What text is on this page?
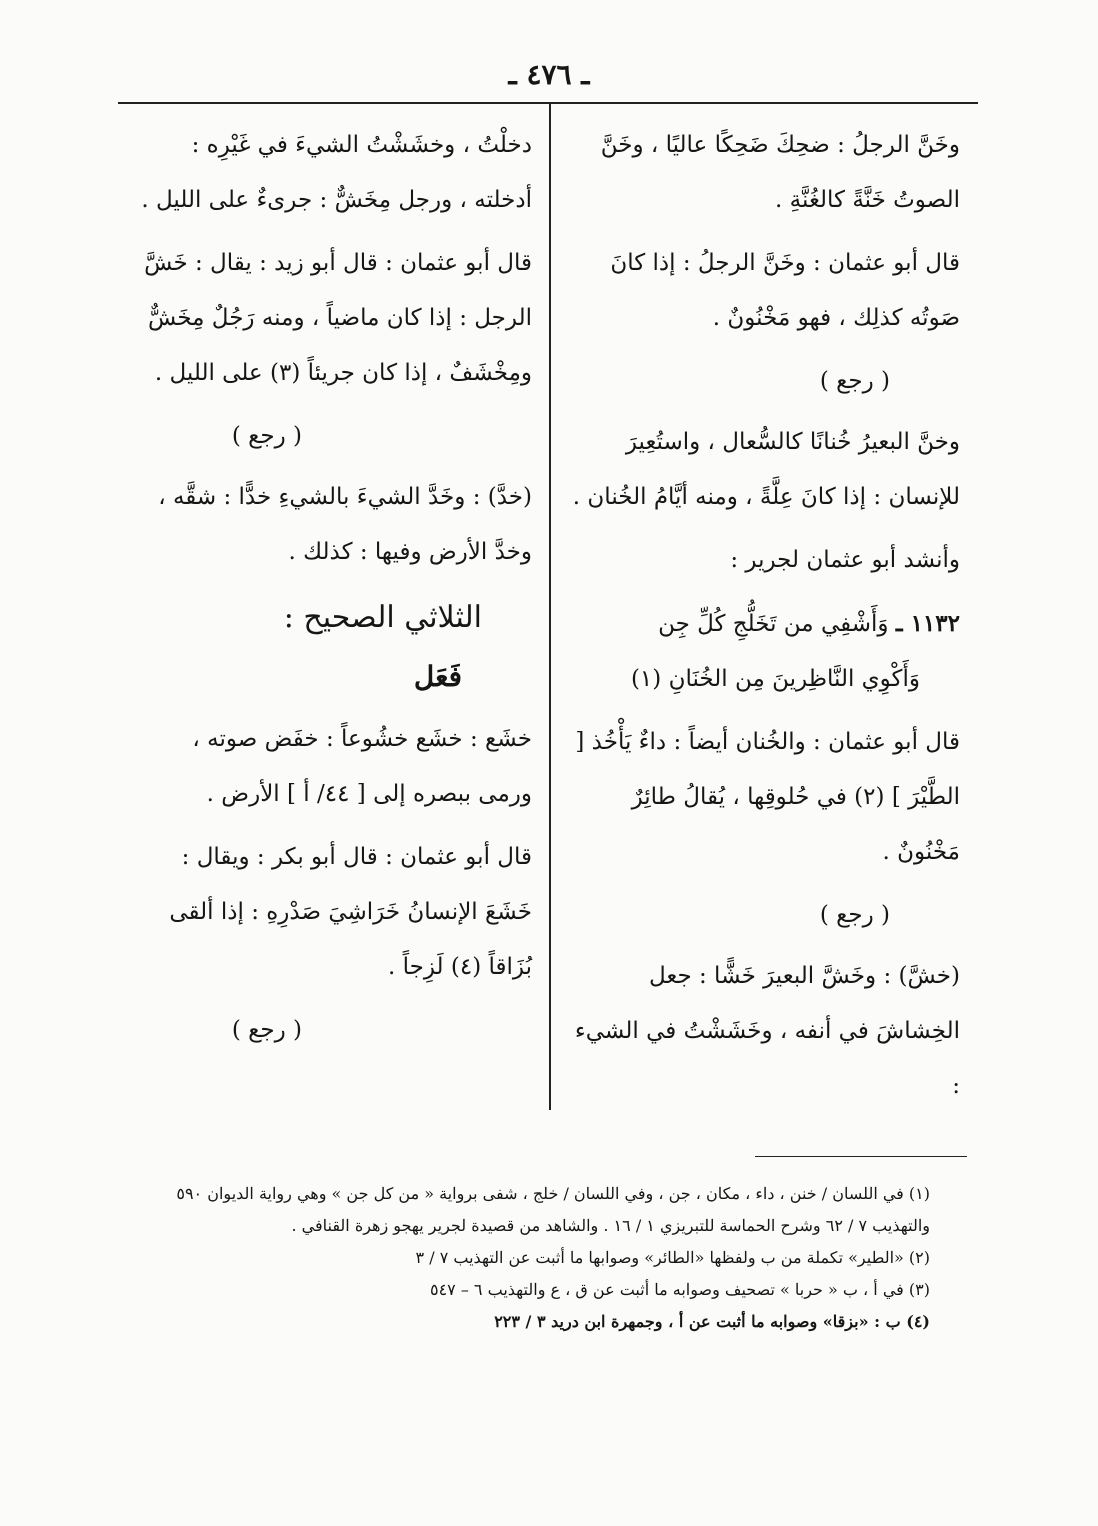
ـ ٤٧٦ ـ

وخَنَّ الرجلُ : ضحِكَ ضَحِكًا عاليًا ، وخَنَّ الصوتُ خَنَّةً كالغُنَّةِ .

قال أبو عثمان : وخَنَّ الرجلُ : إذا كانَ صَوتُه كذلِك ، فهو مَخْنُونٌ .

( رجع )

وخنَّ البعيرُ خُنانًا كالسُّعال ، واستُعِيرَ للإنسان : إذا كانَ عِلَّةً ، ومنه أيَّامُ الخُنان .

وأنشد أبو عثمان لجرير :

١١٣٢ ـ وَأَشْفِي من تَخَلُّجِ كُلِّ جِن
وَأَكْوِي النَّاظِرينَ مِن الخُنَانِ (١)

قال أبو عثمان : والخُنان أيضاً : داءٌ يَأْخُذ [ الطَّيْرَ ] (٢) في حُلوقِها ، يُقالُ طائِرٌ مَخْنُونٌ .

( رجع )

(خشَّ) : وخَشَّ البعيرَ خَشًّا : جعل الخِشاشَ في أنفه ، وخَشَشْتُ في الشيء :

دخلْتُ ، وخشَشْتُ الشيءَ في غَيْرِه : أدخلته ، ورجل مِخَشٌّ : جرىءٌ على الليل .

قال أبو عثمان : قال أبو زيد : يقال : خَشَّ الرجل : إذا كان ماضياً ، ومنه رَجُلٌ مِخَشٌّ ومِخْشَفٌ ، إذا كان جريئاً (٣) على الليل .

( رجع )

(خدَّ) : وخَدَّ الشيءَ بالشيءِ خدًّا : شقَّه ، وخدَّ الأرض وفيها : كذلك .

الثلاثي الصحيح :

فَعَل

خشَع : خشَع خشُوعاً : خفَض صوته ، ورمى ببصره إلى [ ٤٤/ أ ] الأرض .

قال أبو عثمان : قال أبو بكر : ويقال : خَشَعَ الإنسانُ خَرَاشِيَ صَدْرِهِ : إذا ألقى بُزَاقاً (٤) لَزِجاً .

( رجع )

(١) في اللسان / خنن ، داء ، مكان ، جن ، وفي اللسان / خلج ، شفى برواية « من كل جن » وهي رواية الديوان ٥٩٠ والتهذيب ٧ / ٦٢ وشرح الحماسة للتبريزي ١ / ١٦ . والشاهد من قصيدة لجرير يهجو زهرة القنافي .

(٢) «الطير» تكملة من ب ولفظها «الطائر» وصوابها ما أثبت عن التهذيب ٧ / ٣

(٣) في أ ، ب « حربا » تصحيف وصوابه ما أثبت عن ق ، ع والتهذيب ٦ – ٥٤٧

(٤) ب : «بزقا» وصوابه ما أثبت عن أ ، وجمهرة ابن دريد ٣ / ٢٢٣
